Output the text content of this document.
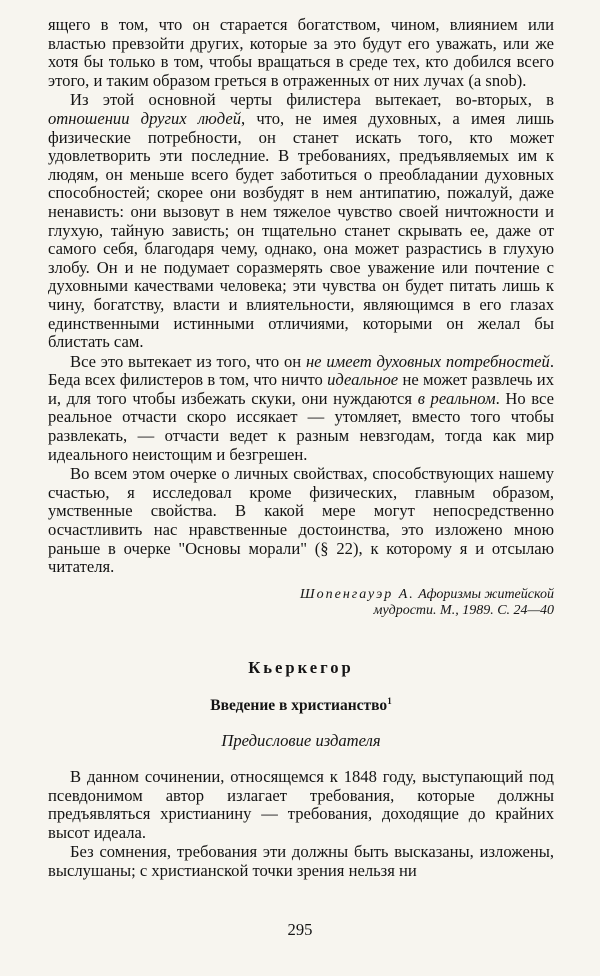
ящего в том, что он старается богатством, чином, влиянием или властью превзойти других, которые за это будут его уважать, или же хотя бы только в том, чтобы вращаться в среде тех, кто добился всего этого, и таким образом греться в отраженных от них лучах (a snob).

Из этой основной черты филистера вытекает, во-вторых, в отношении других людей, что, не имея духовных, а имея лишь физические потребности, он станет искать того, кто может удовлетворить эти последние. В требованиях, предъявляемых им к людям, он меньше всего будет заботиться о преобладании духовных способностей; скорее они возбудят в нем антипатию, пожалуй, даже ненависть: они вызовут в нем тяжелое чувство своей ничтожности и глухую, тайную зависть; он тщательно станет скрывать ее, даже от самого себя, благодаря чему, однако, она может разрастись в глухую злобу. Он и не подумает соразмерять свое уважение или почтение с духовными качествами человека; эти чувства он будет питать лишь к чину, богатству, власти и влиятельности, являющимся в его глазах единственными истинными отличиями, которыми он желал бы блистать сам.

Все это вытекает из того, что он не имеет духовных потребностей. Беда всех филистеров в том, что ничто идеальное не может развлечь их и, для того чтобы избежать скуки, они нуждаются в реальном. Но все реальное отчасти скоро иссякает — утомляет, вместо того чтобы развлекать, — отчасти ведет к разным невзгодам, тогда как мир идеального неистощим и безгрешен.

Во всем этом очерке о личных свойствах, способствующих нашему счастью, я исследовал кроме физических, главным образом, умственные свойства. В какой мере могут непосредственно осчастливить нас нравственные достоинства, это изложено мною раньше в очерке "Основы морали" (§ 22), к которому я и отсылаю читателя.

Шопенгауэр А. Афоризмы житейской мудрости. М., 1989. С. 24—40

Кьеркегор
Введение в христианство$^1$

Предисловие издателя

В данном сочинении, относящемся к 1848 году, выступающий под псевдонимом автор излагает требования, которые должны предъявляться христианину — требования, доходящие до крайних высот идеала.

Без сомнения, требования эти должны быть высказаны, изложены, выслушаны; с христианской точки зрения нельзя ни

295
